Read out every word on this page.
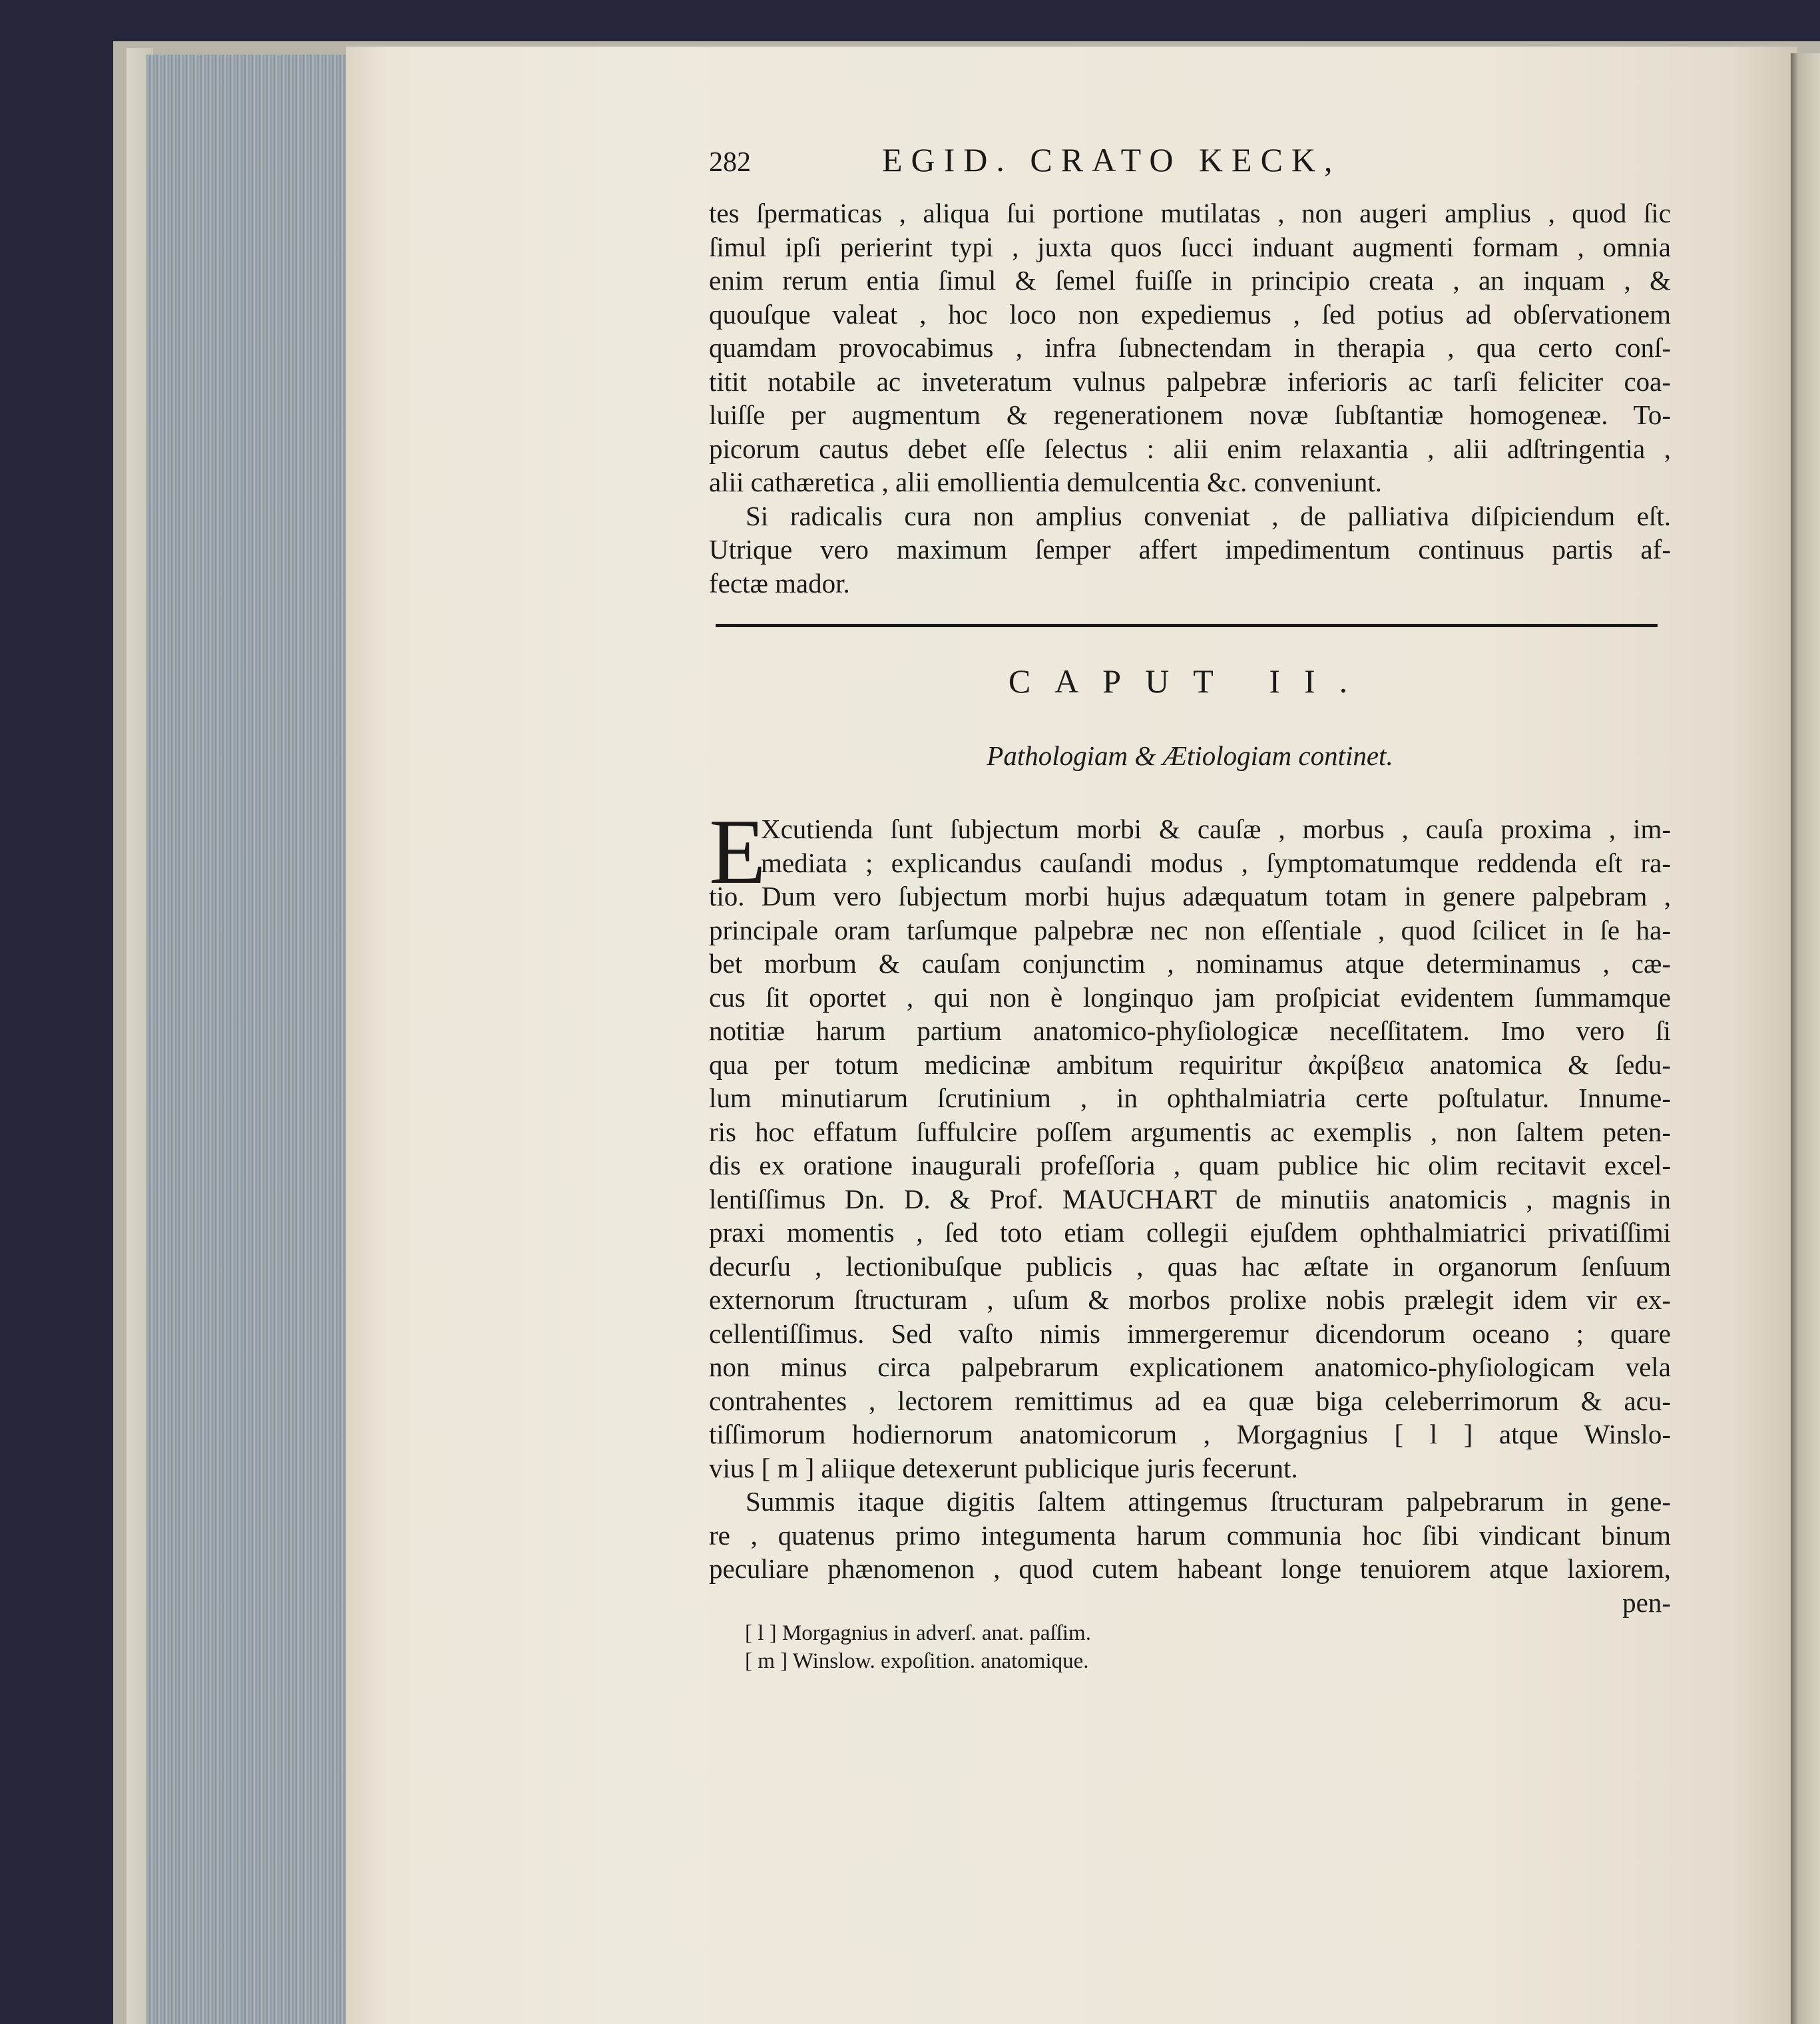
282	EGID. CRATO KECK,
tes ſpermaticas , aliqua ſui portione mutilatas , non augeri amplius , quod ſic
ſimul ipſi perierint typi , juxta quos ſucci induant augmenti formam , omnia
enim rerum entia ſimul & ſemel fuiſſe in principio creata , an inquam , &
quouſque valeat , hoc loco non expediemus , ſed potius ad obſervationem
quamdam provocabimus , infra ſubnectendam in therapia , qua certo conſ-
titit notabile ac inveteratum vulnus palpebræ inferioris ac tarſi feliciter coa-
luiſſe per augmentum & regenerationem novæ ſubſtantiæ homogeneæ. To-
picorum cautus debet eſſe ſelectus : alii enim relaxantia , alii adſtringentia ,
alii cathæretica , alii emollientia demulcentia &c. conveniunt.
Si radicalis cura non amplius conveniat , de palliativa diſpiciendum eſt.
Utrique vero maximum ſemper affert impedimentum continuus partis af-
fectæ mador.
CAPUT II.
Pathologiam & Ætiologiam continet.
E
Xcutienda ſunt ſubjectum morbi & cauſæ , morbus , cauſa proxima , im-
mediata ; explicandus cauſandi modus , ſymptomatumque reddenda eſt ra-
tio. Dum vero ſubjectum morbi hujus adæquatum totam in genere palpebram ,
principale oram tarſumque palpebræ nec non eſſentiale , quod ſcilicet in ſe ha-
bet morbum & cauſam conjunctim , nominamus atque determinamus , cæ-
cus ſit oportet , qui non è longinquo jam proſpiciat evidentem ſummamque
notitiæ harum partium anatomico-phyſiologicæ neceſſitatem. Imo vero ſi
qua per totum medicinæ ambitum requiritur ἀκρίβεια anatomica & ſedu-
lum minutiarum ſcrutinium , in ophthalmiatria certe poſtulatur. Innume-
ris hoc effatum ſuffulcire poſſem argumentis ac exemplis , non ſaltem peten-
dis ex oratione inaugurali profeſſoria , quam publice hic olim recitavit excel-
lentiſſimus Dn. D. & Prof. MAUCHART de minutiis anatomicis , magnis in
praxi momentis , ſed toto etiam collegii ejuſdem ophthalmiatrici privatiſſimi
decurſu , lectionibuſque publicis , quas hac æſtate in organorum ſenſuum
externorum ſtructuram , uſum & morbos prolixe nobis prælegit idem vir ex-
cellentiſſimus. Sed vaſto nimis immergeremur dicendorum oceano ; quare
non minus circa palpebrarum explicationem anatomico-phyſiologicam vela
contrahentes , lectorem remittimus ad ea quæ biga celeberrimorum & acu-
tiſſimorum hodiernorum anatomicorum , Morgagnius [ l ] atque Winslo-
vius [ m ] aliique detexerunt publicique juris fecerunt.
Summis itaque digitis ſaltem attingemus ſtructuram palpebrarum in gene-
re , quatenus primo integumenta harum communia hoc ſibi vindicant binum
peculiare phænomenon , quod cutem habeant longe tenuiorem atque laxiorem,
pen-
[ l ] Morgagnius in adverſ. anat. paſſim.
[ m ] Winslow. expoſition. anatomique.
